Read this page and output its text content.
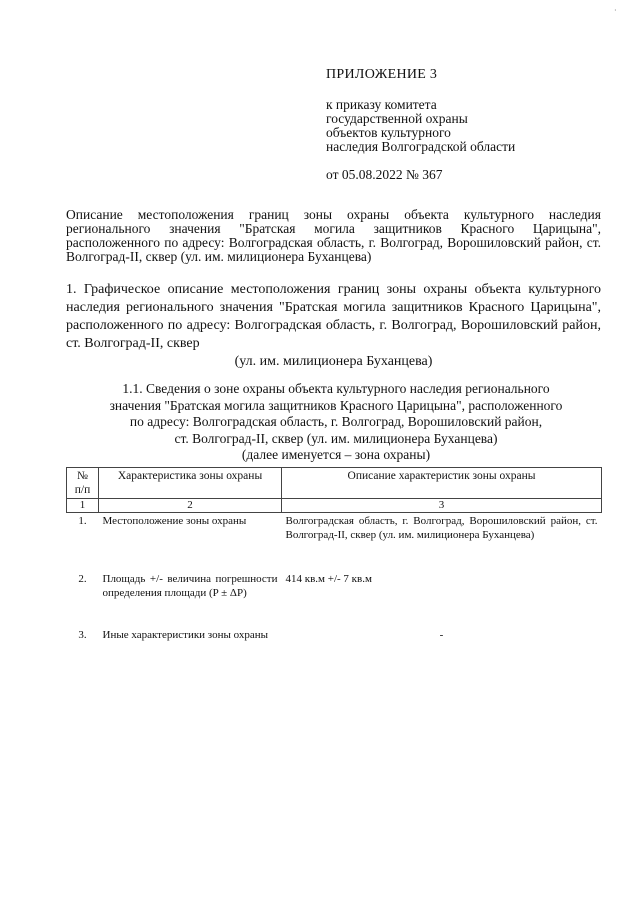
·
ПРИЛОЖЕНИЕ 3
к приказу комитета
государственной охраны
объектов культурного
наследия Волгоградской области
от 05.08.2022 № 367
Описание местоположения границ зоны охраны объекта культурного наследия регионального значения "Братская могила защитников Красного Царицына", расположенного по адресу: Волгоградская область, г. Волгоград, Ворошиловский район, ст. Волгоград-II, сквер (ул. им. милиционера Буханцева)
1. Графическое описание местоположения границ зоны охраны объекта культурного наследия регионального значения "Братская могила защитников Красного Царицына", расположенного по адресу: Волгоградская область, г. Волгоград, Ворошиловский район, ст. Волгоград-II, сквер
(ул. им. милиционера Буханцева)
1.1. Сведения о зоне охраны объекта культурного наследия регионального
значения "Братская могила защитников Красного Царицына", расположенного
по адресу: Волгоградская область, г. Волгоград, Ворошиловский район,
ст. Волгоград-II, сквер (ул. им. милиционера Буханцева)
(далее именуется – зона охраны)
№ п/п	Характеристика зоны охраны	Описание характеристик зоны охраны
1	2	3
1.	Местоположение зоны охраны	Волгоградская область, г. Волгоград, Ворошиловский район, ст. Волгоград-II, сквер (ул. им. милиционера Буханцева)
2.	Площадь +/- величина погрешности определения площади (P ± ΔP)	414 кв.м +/- 7 кв.м
3.	Иные характеристики зоны охраны	-
